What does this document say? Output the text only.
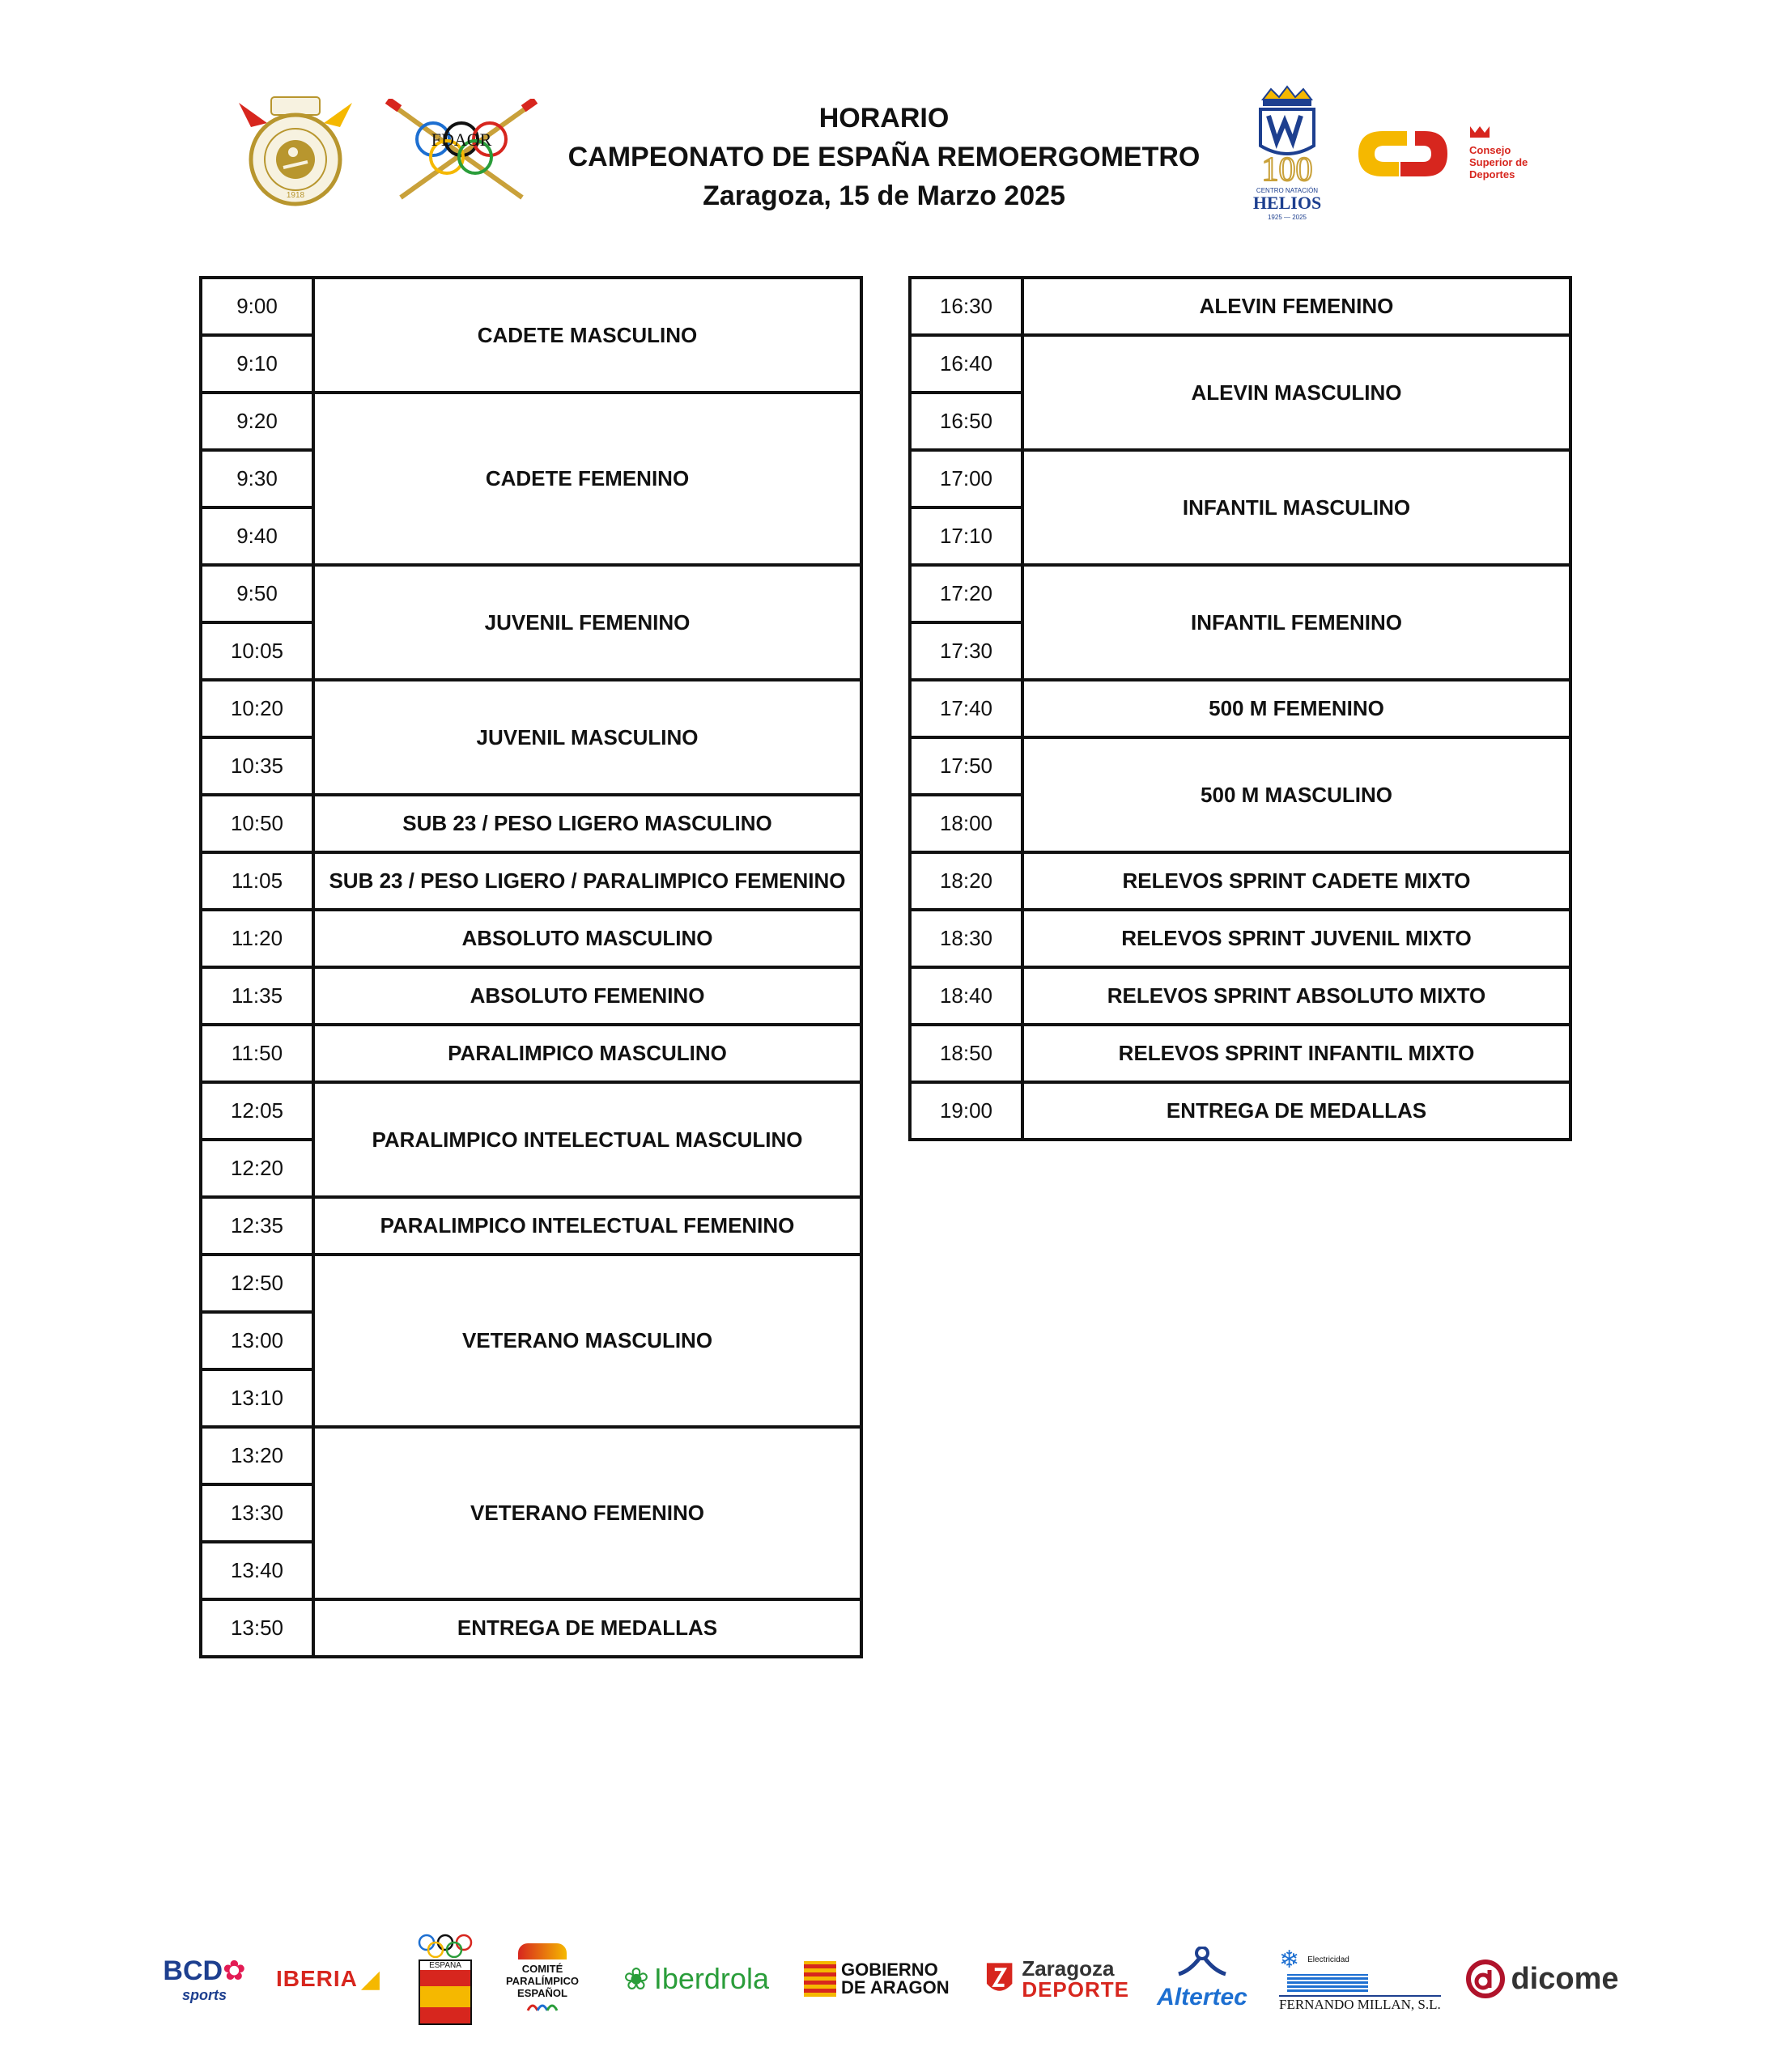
1918
FDAOR
HORARIO
CAMPEONATO DE ESPAÑA REMOERGOMETRO
Zaragoza, 15 de Marzo 2025
100
CENTRO NATACIÓN
HELIOS
1925 — 2025
Consejo Superior de Deportes
9:00	CADETE MASCULINO
9:10	
9:20	CADETE FEMENINO
9:30	
9:40	
9:50	JUVENIL FEMENINO
10:05	
10:20	JUVENIL MASCULINO
10:35	
10:50	SUB 23 / PESO LIGERO MASCULINO
11:05	SUB 23 / PESO LIGERO / PARALIMPICO FEMENINO
11:20	ABSOLUTO MASCULINO
11:35	ABSOLUTO FEMENINO
11:50	PARALIMPICO MASCULINO
12:05	PARALIMPICO INTELECTUAL MASCULINO
12:20	
12:35	PARALIMPICO INTELECTUAL FEMENINO
12:50	VETERANO MASCULINO
13:00	
13:10	
13:20	VETERANO FEMENINO
13:30	
13:40	
13:50	ENTREGA DE MEDALLAS
16:30	ALEVIN FEMENINO
16:40	ALEVIN MASCULINO
16:50	
17:00	INFANTIL MASCULINO
17:10	
17:20	INFANTIL FEMENINO
17:30	
17:40	500 M FEMENINO
17:50	500 M MASCULINO
18:00	
18:20	RELEVOS SPRINT CADETE MIXTO
18:30	RELEVOS SPRINT JUVENIL MIXTO
18:40	RELEVOS SPRINT ABSOLUTO MIXTO
18:50	RELEVOS SPRINT INFANTIL MIXTO
19:00	ENTREGA DE MEDALLAS
BCD✿
sports
IBERIA ◢
ESPAÑA	COMITÉ PARALÍMPICO ESPAÑOL	❀ Iberdrola	GOBIERNO DE ARAGON
Zaragoza
DEPORTE Altertec
❄ Electricidad
FERNANDO MILLAN, S.L.
dicome
